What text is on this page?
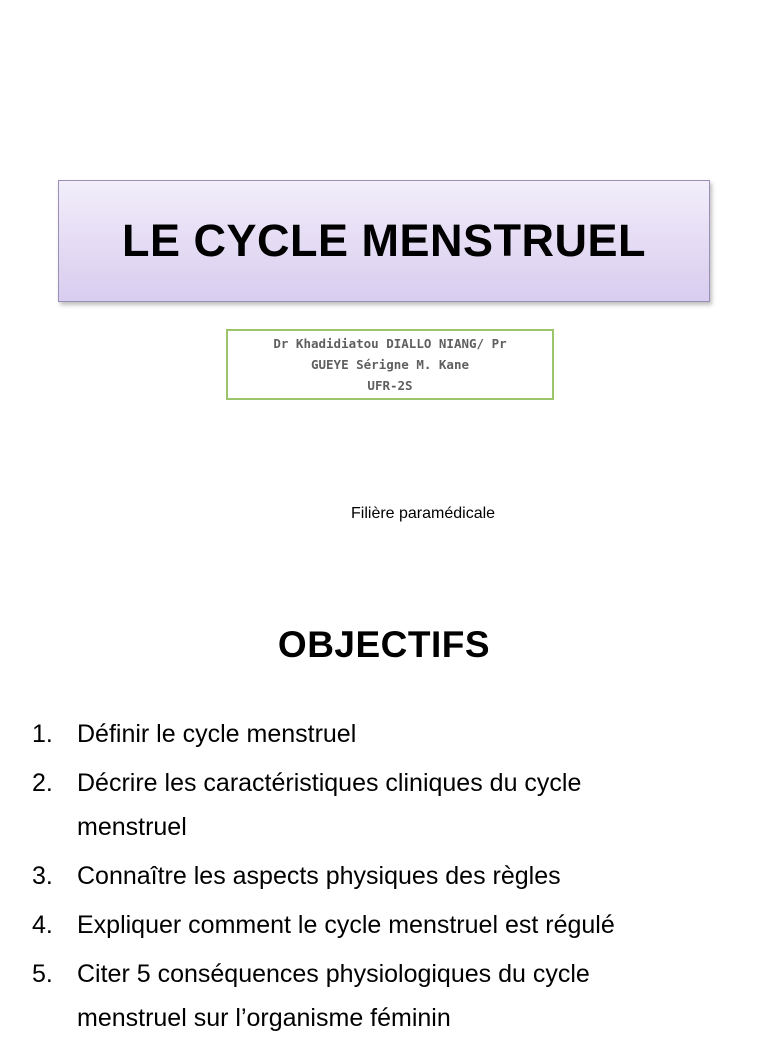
LE CYCLE MENSTRUEL
Dr Khadidiatou DIALLO NIANG/ Pr
GUEYE Sérigne M. Kane
UFR-2S
Filière paramédicale
OBJECTIFS
1. Définir le cycle menstruel
2. Décrire les caractéristiques cliniques du cycle
menstruel
3. Connaître les aspects physiques des règles
4. Expliquer comment le cycle menstruel est régulé
5. Citer 5 conséquences physiologiques du cycle
menstruel sur l’organisme féminin
